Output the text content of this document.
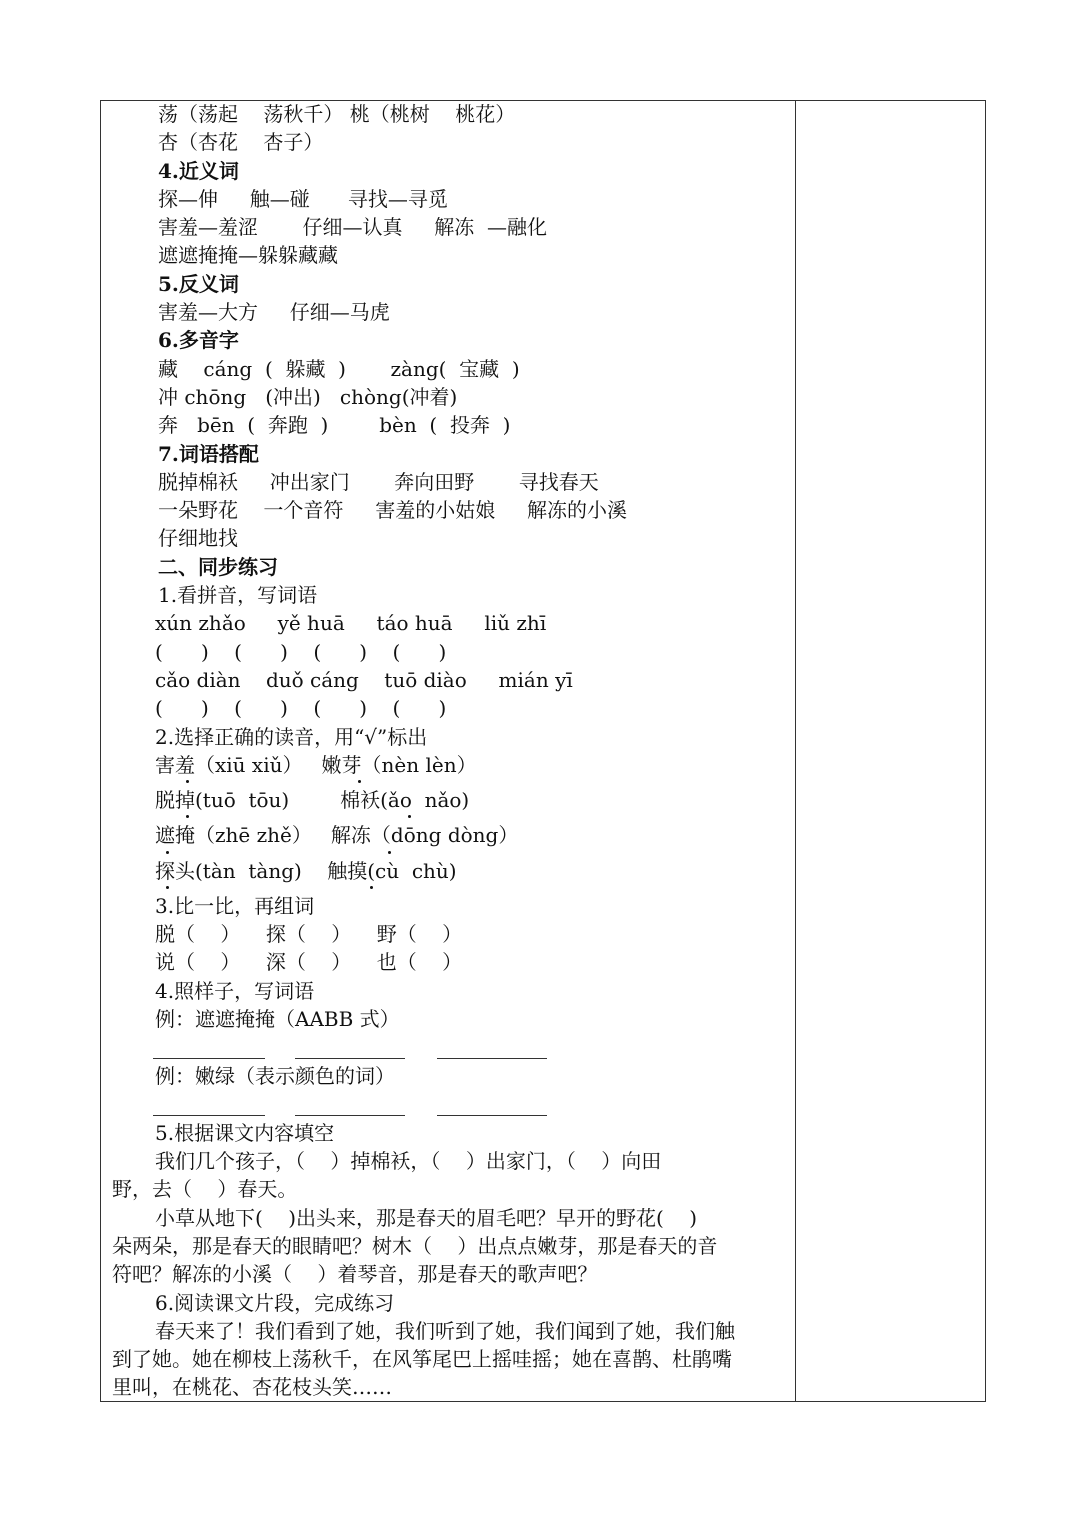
荡（荡起    荡秋千） 桃（桃树    桃花）
杏（杏花    杏子）
4.近义词
探—伸     触—碰      寻找—寻觅
害羞—羞涩       仔细—认真     解冻  —融化
遮遮掩掩—躲躲藏藏
5.反义词
害羞—大方     仔细—马虎
6.多音字
藏    cáng  (  躲藏  )       zàng(  宝藏  )
冲 chōng   (冲出)   chòng(冲着)
奔   bēn  (  奔跑  )        bèn  (  投奔  )
7.词语搭配
脱掉棉袄     冲出家门       奔向田野       寻找春天
一朵野花    一个音符     害羞的小姑娘     解冻的小溪
仔细地找
二、同步练习
1.看拼音，写词语
xún zhǎo     yě huā     táo huā     liǔ zhī
(      )    (      )    (      )    (      )
cǎo diàn    duǒ cáng    tuō diào     mián yī
(      )    (      )    (      )    (      )
2.选择正确的读音，用“√”标出
害羞（xiū xiǔ）   嫩芽（nèn lèn）
脱掉(tuō  tōu)        棉袄(ǎo  nǎo)
遮掩（zhē zhě）   解冻（dōng dòng）
探头(tàn  tàng)    触摸(cù  chù)
3.比一比，再组词
脱（    ）    探（    ）    野（    ）
说（    ）    深（    ）    也（    ）
4.照样子，写词语
例：遮遮掩掩（AABB 式）
例：嫩绿（表示颜色的词）
5.根据课文内容填空
我们几个孩子，（    ）掉棉袄，（    ）出家门，（    ）向田
野，去（    ）春天。
小草从地下(    )出头来，那是春天的眉毛吧？早开的野花(    )
朵两朵，那是春天的眼睛吧？树木（    ）出点点嫩芽，那是春天的音
符吧？解冻的小溪（    ）着琴音，那是春天的歌声吧？
6.阅读课文片段，完成练习
春天来了！我们看到了她，我们听到了她，我们闻到了她，我们触
到了她。她在柳枝上荡秋千，在风筝尾巴上摇哇摇；她在喜鹊、杜鹃嘴
里叫，在桃花、杏花枝头笑……
